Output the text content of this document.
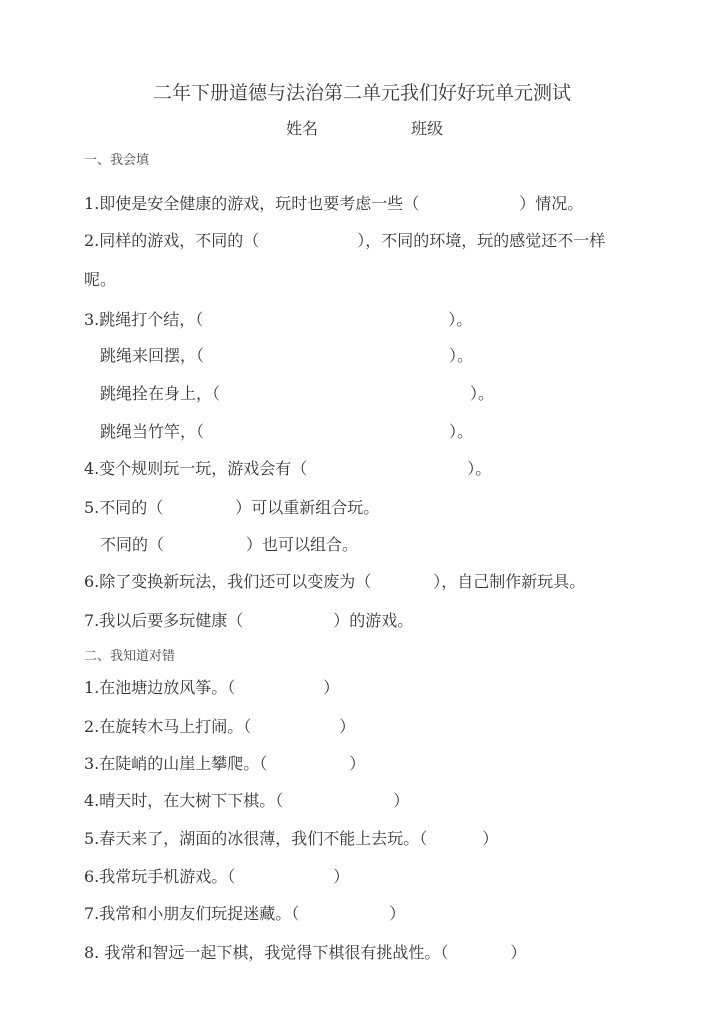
二年下册道德与法治第二单元我们好好玩单元测试
姓名	班级
一、我会填
1.即使是安全健康的游戏，玩时也要考虑一些（	）情况。
2.同样的游戏，不同的（	），不同的环境，玩的感觉还不一样
呢。
3.跳绳打个结，（	）。
跳绳来回摆，（	）。
跳绳拴在身上，（	）。
跳绳当竹竿，（	）。
4.变个规则玩一玩，游戏会有（	）。
5.不同的（	）可以重新组合玩。
不同的（	）也可以组合。
6.除了变换新玩法，我们还可以变废为（	），自己制作新玩具。
7.我以后要多玩健康（	）的游戏。
二、我知道对错
1.在池塘边放风筝。（	）
2.在旋转木马上打闹。（	）
3.在陡峭的山崖上攀爬。（	）
4.晴天时，在大树下下棋。（	）
5.春天来了，湖面的冰很薄，我们不能上去玩。（	）
6.我常玩手机游戏。（	）
7.我常和小朋友们玩捉迷藏。（	）
8. 我常和智远一起下棋，我觉得下棋很有挑战性。（	）
